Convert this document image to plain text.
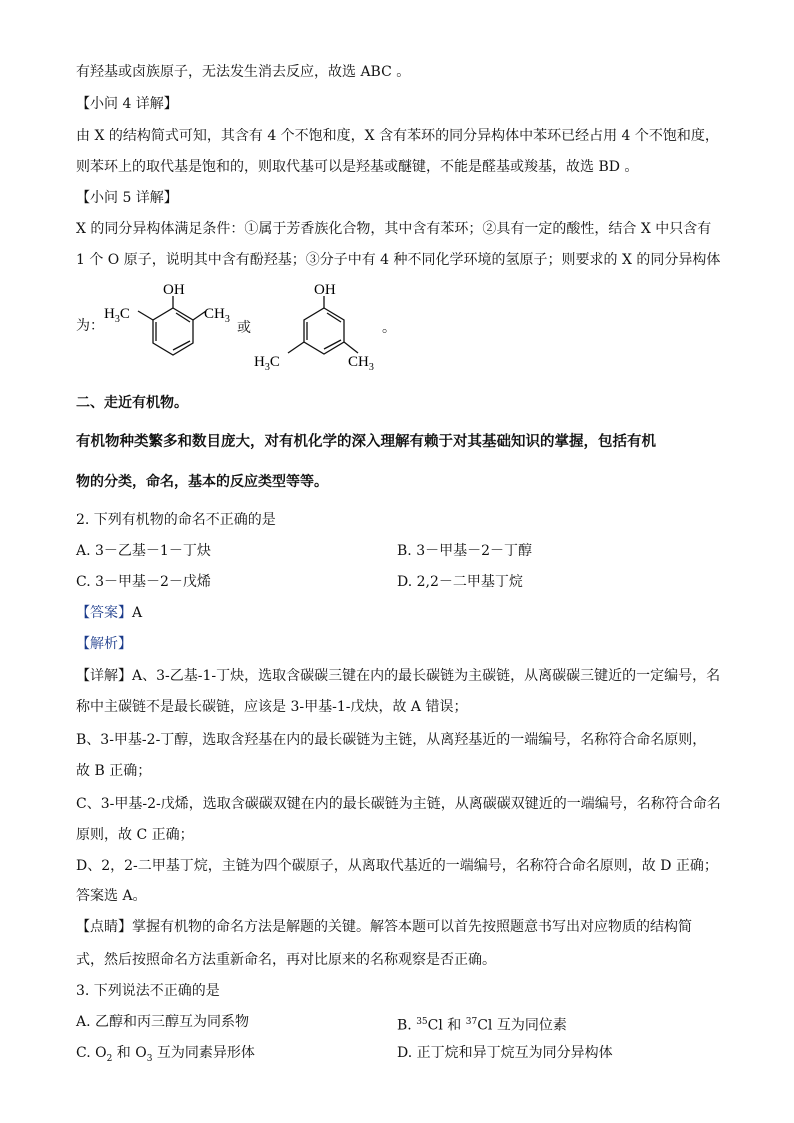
有羟基或卤族原子，无法发生消去反应，故选 ABC 。
【小问 4 详解】
由 X 的结构简式可知，其含有 4 个不饱和度，X 含有苯环的同分异构体中苯环已经占用 4 个不饱和度，
则苯环上的取代基是饱和的，则取代基可以是羟基或醚键，不能是醛基或羧基，故选 BD 。
【小问 5 详解】
X 的同分异构体满足条件：①属于芳香族化合物，其中含有苯环；②具有一定的酸性，结合 X 中只含有
1 个 O 原子，说明其中含有酚羟基；③分子中有 4 种不同化学环境的氢原子；则要求的 X 的同分异构体
为：
OH
$H_3C$	$CH_3$
或
OH
$H_3C$	$CH_3$
。
二、走近有机物。
有机物种类繁多和数目庞大，对有机化学的深入理解有赖于对其基础知识的掌握，包括有机
物的分类，命名，基本的反应类型等等。
2. 下列有机物的命名不正确的是
A. 3－乙基－1－丁炔	B. 3－甲基－2－丁醇
C. 3－甲基－2－戊烯	D. 2,2－二甲基丁烷
【答案】A
【解析】
【详解】A、3-乙基-1-丁炔，选取含碳碳三键在内的最长碳链为主碳链，从离碳碳三键近的一定编号，名
称中主碳链不是最长碳链，应该是 3-甲基-1-戊炔，故 A 错误；
B、3-甲基-2-丁醇，选取含羟基在内的最长碳链为主链，从离羟基近的一端编号，名称符合命名原则，
故 B 正确；
C、3-甲基-2-戊烯，选取含碳碳双键在内的最长碳链为主链，从离碳碳双键近的一端编号，名称符合命名
原则，故 C 正确；
D、2，2-二甲基丁烷，主链为四个碳原子，从离取代基近的一端编号，名称符合命名原则，故 D 正确；
答案选 A。
【点睛】掌握有机物的命名方法是解题的关键。解答本题可以首先按照题意书写出对应物质的结构简
式，然后按照命名方法重新命名，再对比原来的名称观察是否正确。
3. 下列说法不正确的是
A. 乙醇和丙三醇互为同系物	B. $^{35}$Cl 和 $^{37}$Cl 互为同位素
C. $O_2$ 和 $O_3$ 互为同素异形体	D. 正丁烷和异丁烷互为同分异构体
